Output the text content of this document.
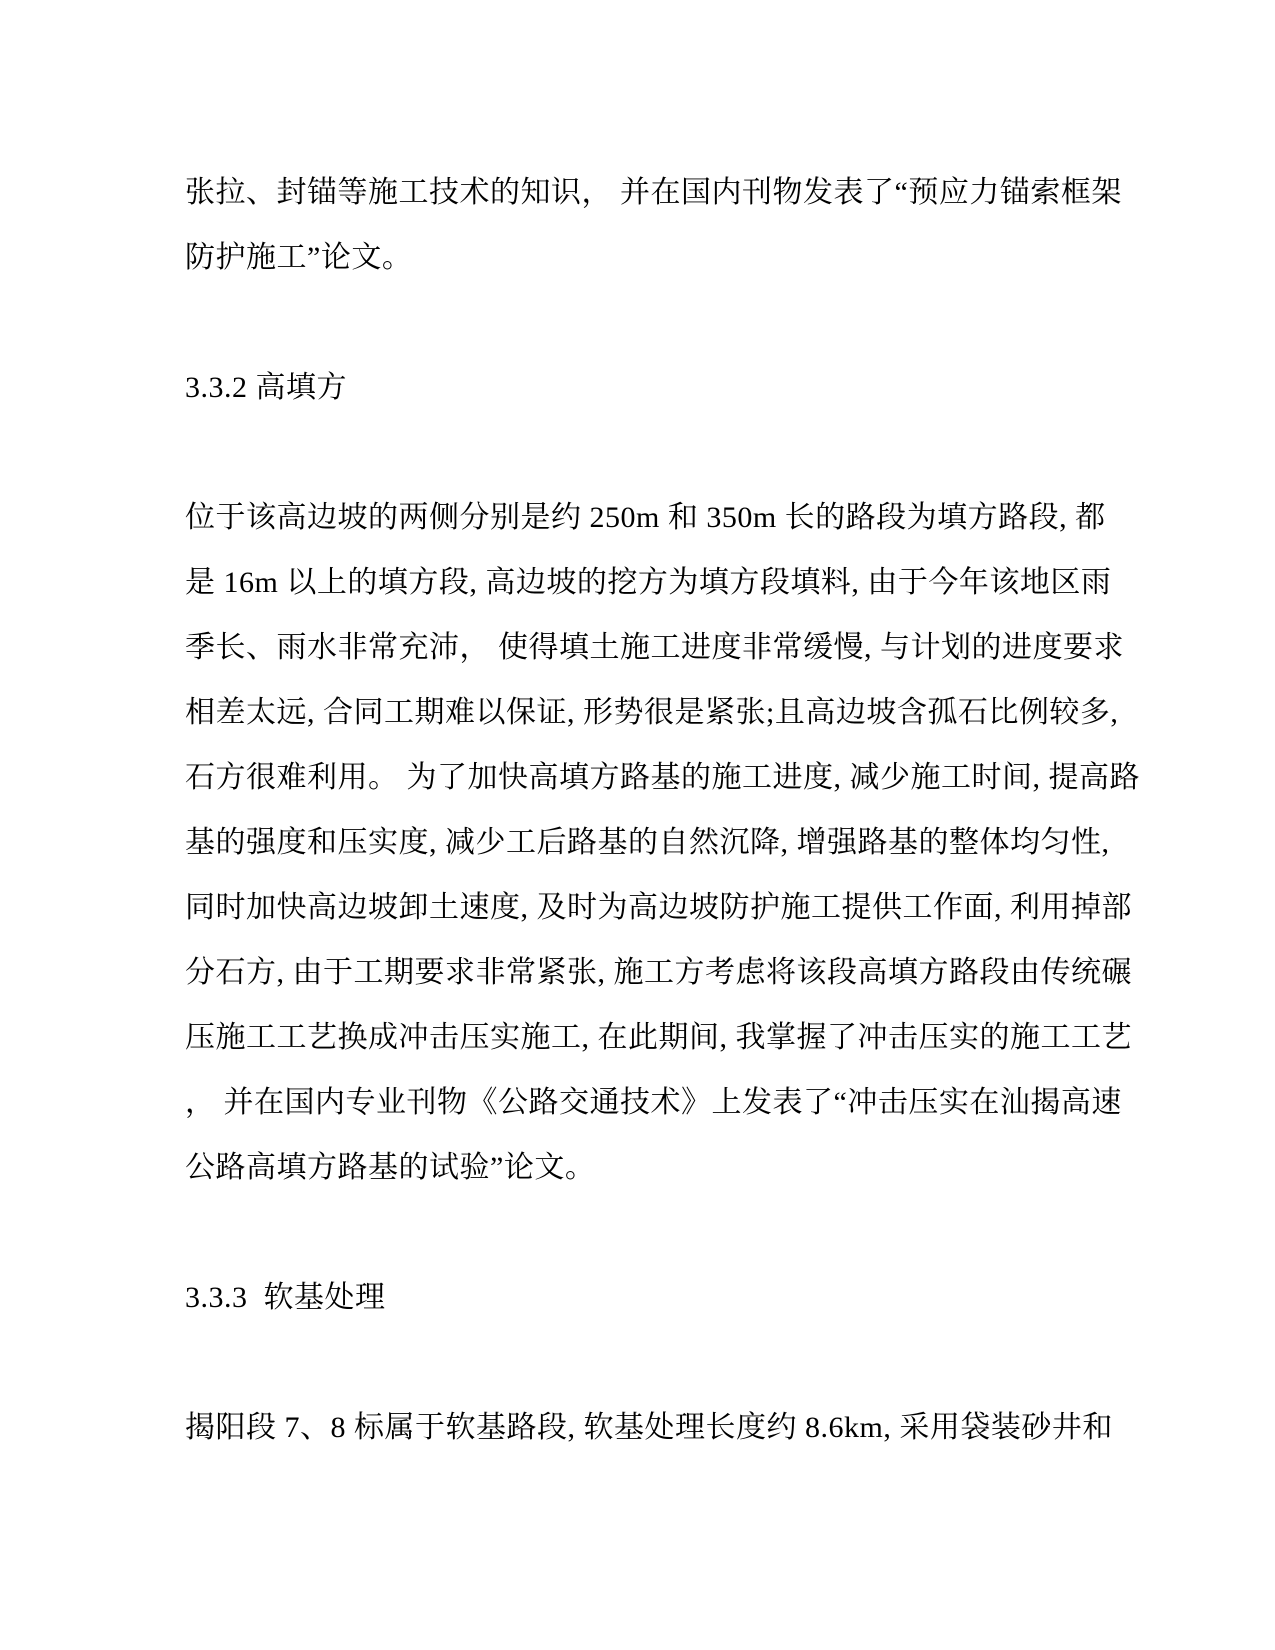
张拉、封锚等施工技术的知识， 并在国内刊物发表了“预应力锚索框架
防护施工”论文。
3.3.2 高填方
位于该高边坡的两侧分别是约 250m 和 350m 长的路段为填方路段, 都
是 16m 以上的填方段, 高边坡的挖方为填方段填料, 由于今年该地区雨
季长、雨水非常充沛， 使得填土施工进度非常缓慢, 与计划的进度要求
相差太远, 合同工期难以保证, 形势很是紧张;且高边坡含孤石比例较多,
石方很难利用。 为了加快高填方路基的施工进度, 减少施工时间, 提高路
基的强度和压实度, 减少工后路基的自然沉降, 增强路基的整体均匀性,
同时加快高边坡卸土速度, 及时为高边坡防护施工提供工作面, 利用掉部
分石方, 由于工期要求非常紧张, 施工方考虑将该段高填方路段由传统碾
压施工工艺换成冲击压实施工, 在此期间, 我掌握了冲击压实的施工工艺
， 并在国内专业刊物《公路交通技术》上发表了“冲击压实在汕揭高速
公路高填方路基的试验”论文。
3.3.3  软基处理
揭阳段 7、8 标属于软基路段, 软基处理长度约 8.6km, 采用袋装砂井和
